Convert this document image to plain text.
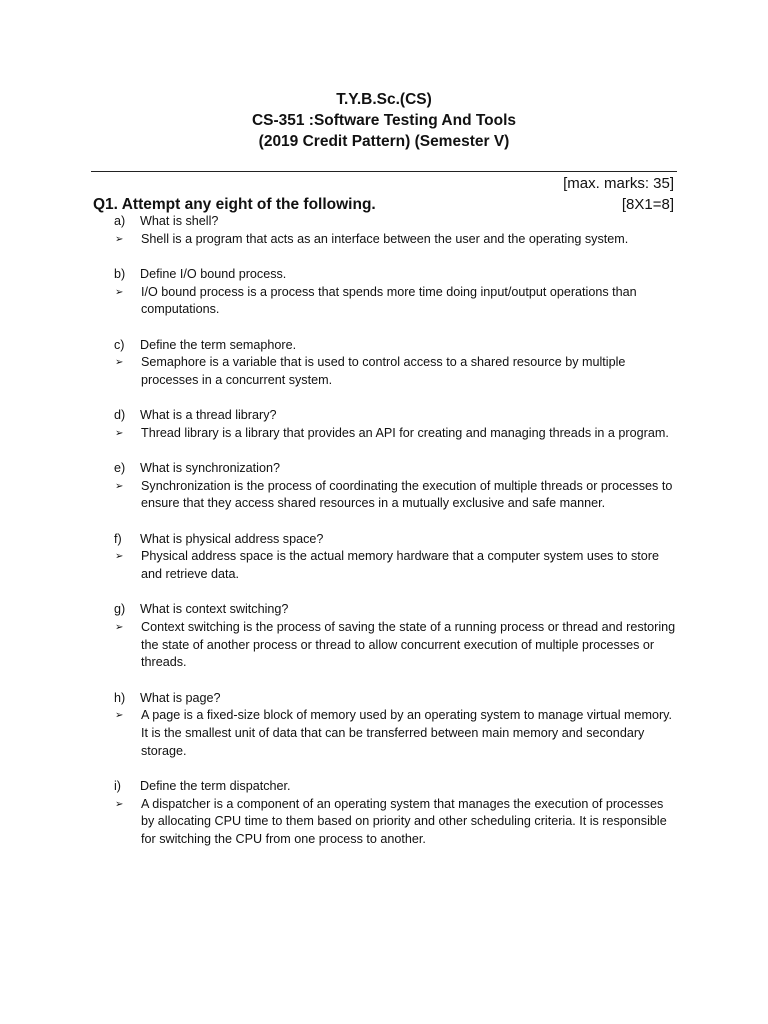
T.Y.B.Sc.(CS)
CS-351 :Software Testing And Tools
(2019 Credit Pattern) (Semester V)
[max. marks: 35]
Q1. Attempt any eight of the following.	[8X1=8]
a)	What is shell?
➢	Shell is a program that acts as an interface between the user and the operating system.
b)	Define I/O bound process.
➢	I/O bound process is a process that spends more time doing input/output operations than computations.
c)	Define the term semaphore.
➢	Semaphore is a variable that is used to control access to a shared resource by multiple processes in a concurrent system.
d)	What is a thread library?
➢	Thread library is a library that provides an API for creating and managing threads in a program.
e)	What is synchronization?
➢	Synchronization is the process of coordinating the execution of multiple threads or processes to ensure that they access shared resources in a mutually exclusive and safe manner.
f)	What is physical address space?
➢	Physical address space is the actual memory hardware that a computer system uses to store and retrieve data.
g)	What is context switching?
➢	Context switching is the process of saving the state of a running process or thread and restoring the state of another process or thread to allow concurrent execution of multiple processes or threads.
h)	What is page?
➢	A page is a fixed-size block of memory used by an operating system to manage virtual memory. It is the smallest unit of data that can be transferred between main memory and secondary storage.
i)	Define the term dispatcher.
➢	A dispatcher is a component of an operating system that manages the execution of processes by allocating CPU time to them based on priority and other scheduling criteria. It is responsible for switching the CPU from one process to another.
